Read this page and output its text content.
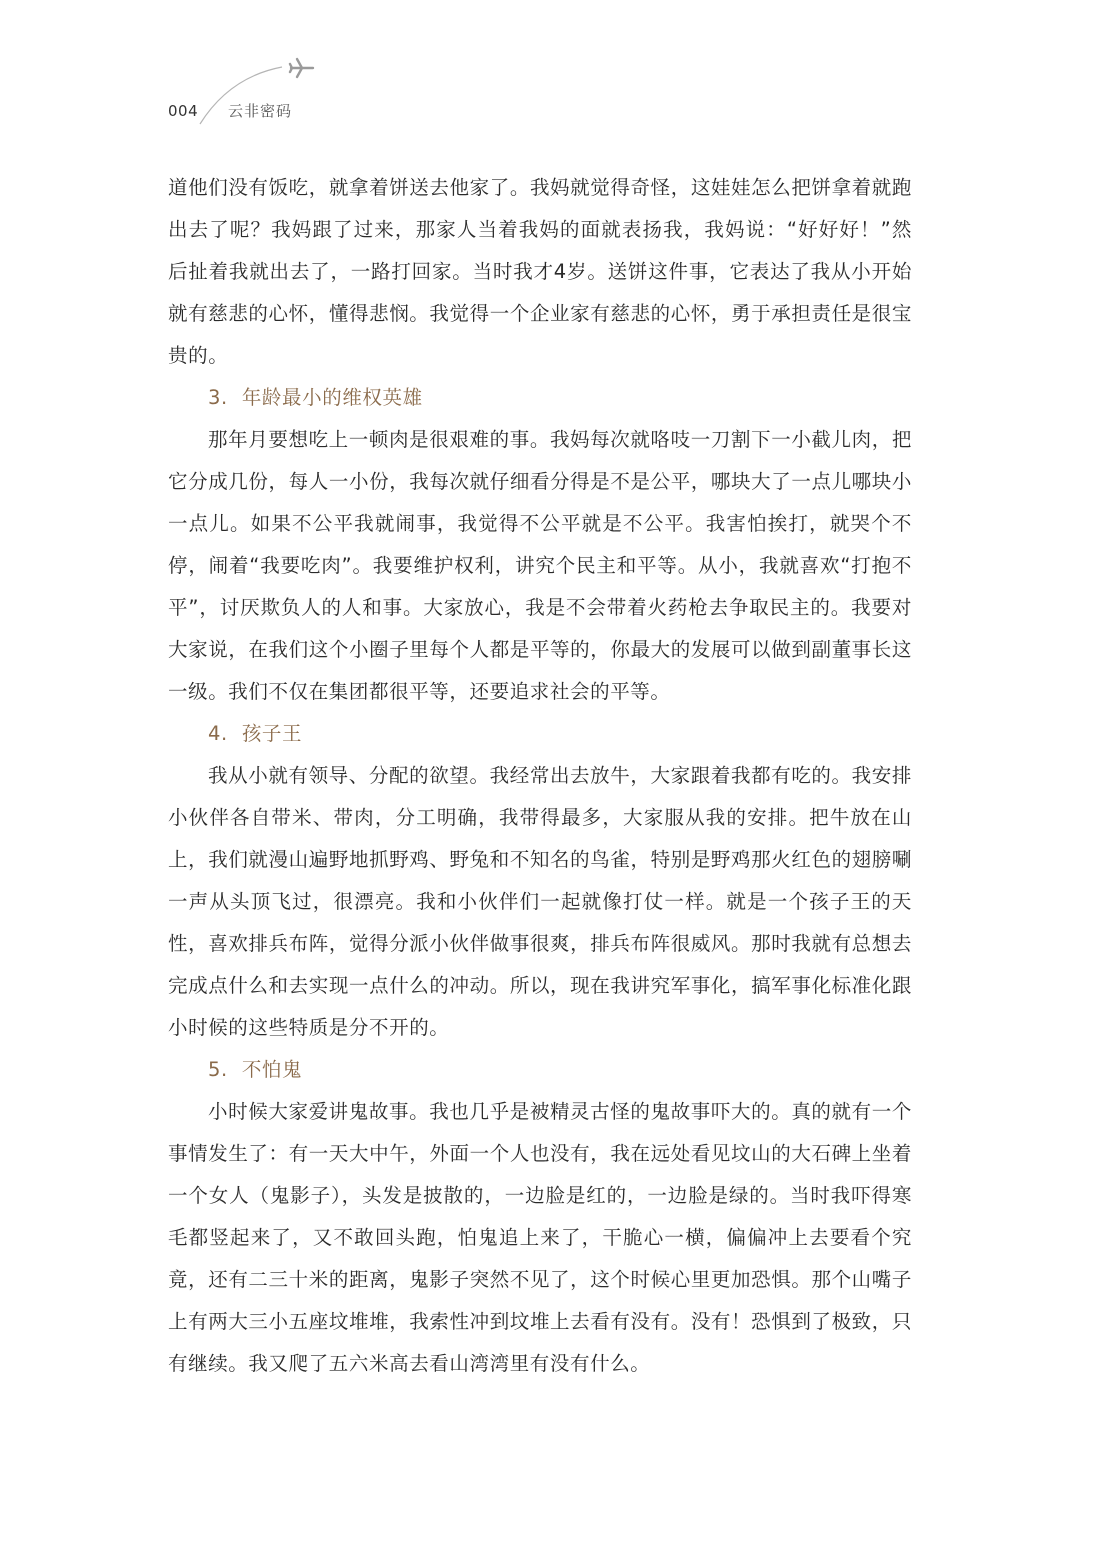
004 云非密码

道他们没有饭吃，就拿着饼送去他家了。我妈就觉得奇怪，这娃娃怎么把饼拿着就跑出去了呢？我妈跟了过来，那家人当着我妈的面就表扬我，我妈说：“好好好！”然后扯着我就出去了，一路打回家。当时我才4岁。送饼这件事，它表达了我从小开始就有慈悲的心怀，懂得悲悯。我觉得一个企业家有慈悲的心怀，勇于承担责任是很宝贵的。

3. 年龄最小的维权英雄

那年月要想吃上一顿肉是很艰难的事。我妈每次就咯吱一刀割下一小截儿肉，把它分成几份，每人一小份，我每次就仔细看分得是不是公平，哪块大了一点儿哪块小一点儿。如果不公平我就闹事，我觉得不公平就是不公平。我害怕挨打，就哭个不停，闹着“我要吃肉”。我要维护权利，讲究个民主和平等。从小，我就喜欢“打抱不平”，讨厌欺负人的人和事。大家放心，我是不会带着火药枪去争取民主的。我要对大家说，在我们这个小圈子里每个人都是平等的，你最大的发展可以做到副董事长这一级。我们不仅在集团都很平等，还要追求社会的平等。

4. 孩子王

我从小就有领导、分配的欲望。我经常出去放牛，大家跟着我都有吃的。我安排小伙伴各自带米、带肉，分工明确，我带得最多，大家服从我的安排。把牛放在山上，我们就漫山遍野地抓野鸡、野兔和不知名的鸟雀，特别是野鸡那火红色的翅膀唰一声从头顶飞过，很漂亮。我和小伙伴们一起就像打仗一样。就是一个孩子王的天性，喜欢排兵布阵，觉得分派小伙伴做事很爽，排兵布阵很威风。那时我就有总想去完成点什么和去实现一点什么的冲动。所以，现在我讲究军事化，搞军事化标准化跟小时候的这些特质是分不开的。

5. 不怕鬼

小时候大家爱讲鬼故事。我也几乎是被精灵古怪的鬼故事吓大的。真的就有一个事情发生了：有一天大中午，外面一个人也没有，我在远处看见坟山的大石碑上坐着一个女人（鬼影子），头发是披散的，一边脸是红的，一边脸是绿的。当时我吓得寒毛都竖起来了，又不敢回头跑，怕鬼追上来了，干脆心一横，偏偏冲上去要看个究竟，还有二三十米的距离，鬼影子突然不见了，这个时候心里更加恐惧。那个山嘴子上有两大三小五座坟堆堆，我索性冲到坟堆上去看有没有。没有！恐惧到了极致，只有继续。我又爬了五六米高去看山湾湾里有没有什么。
